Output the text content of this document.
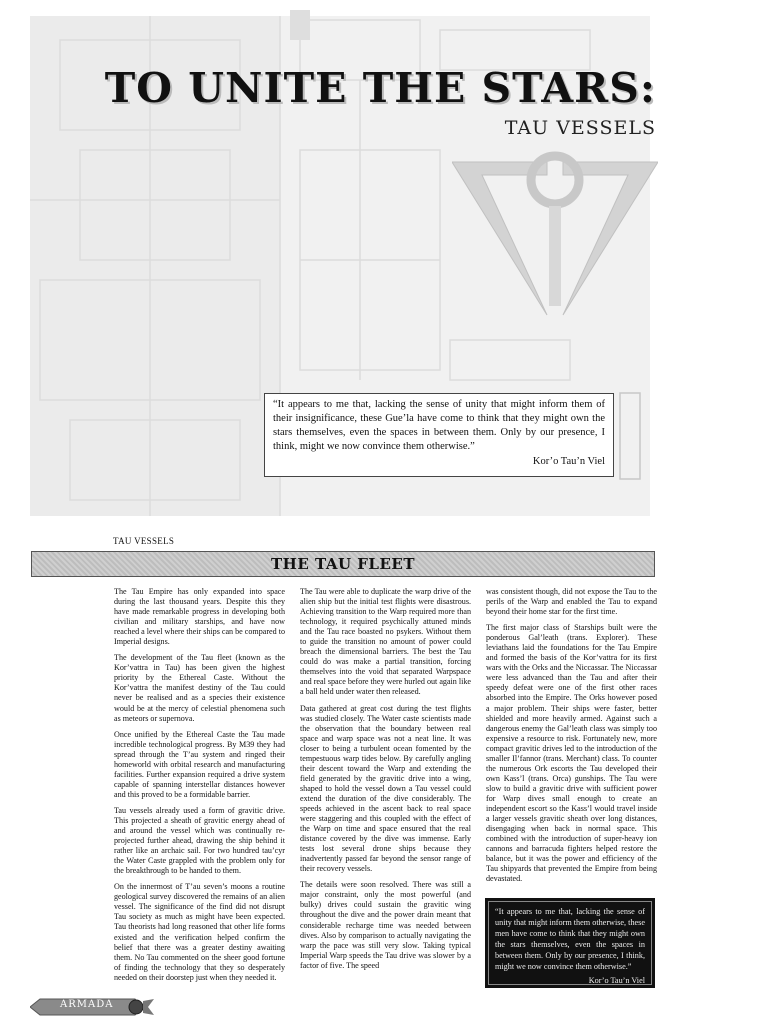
TO UNITE THE STARS:
TAU VESSELS
“It appears to me that, lacking the sense of unity that might inform them of their insignificance, these Gue’la have come to think that they might own the stars themselves, even the spaces in between them. Only by our presence, I think, might we now convince them otherwise.”
Kor’o Tau’n Viel
TAU VESSELS
THE TAU FLEET

The Tau Empire has only expanded into space during the last thousand years. Despite this they have made remarkable progress in developing both civilian and military starships, and have now reached a level where their ships can be compared to Imperial designs.

The development of the Tau fleet (known as the Kor’vattra in Tau) has been given the highest priority by the Ethereal Caste. Without the Kor’vattra the manifest destiny of the Tau could never be realised and as a species their existence would be at the mercy of celestial phenomena such as meteors or supernova.

Once unified by the Ethereal Caste the Tau made incredible technological progress. By M39 they had spread through the T’au system and ringed their homeworld with orbital research and manufacturing facilities. Further expansion required a drive system capable of spanning interstellar distances however and this proved to be a formidable barrier.

Tau vessels already used a form of gravitic drive. This projected a sheath of gravitic energy ahead of and around the vessel which was continually re-projected further ahead, drawing the ship behind it rather like an archaic sail. For two hundred tau’cyr the Water Caste grappled with the problem only for the breakthrough to be handed to them.

On the innermost of T’au seven’s moons a routine geological survey discovered the remains of an alien vessel. The significance of the find did not disrupt Tau society as much as might have been expected. Tau theorists had long reasoned that other life forms existed and the verification helped confirm the belief that there was a greater destiny awaiting them. No Tau commented on the sheer good fortune of finding the technology that they so desperately needed on their doorstep just when they needed it.

The Tau were able to duplicate the warp drive of the alien ship but the initial test flights were disastrous. Achieving transition to the Warp required more than technology, it required psychically attuned minds and the Tau race boasted no psykers. Without them to guide the transition no amount of power could breach the dimensional barriers. The best the Tau could do was make a partial transition, forcing themselves into the void that separated Warpspace and real space before they were hurled out again like a ball held under water then released.

Data gathered at great cost during the test flights was studied closely. The Water caste scientists made the observation that the boundary between real space and warp space was not a neat line. It was closer to being a turbulent ocean fomented by the tempestuous warp tides below. By carefully angling their descent toward the Warp and extending the field generated by the gravitic drive into a wing, shaped to hold the vessel down a Tau vessel could extend the duration of the dive considerably. The speeds achieved in the ascent back to real space were staggering and this coupled with the effect of the Warp on time and space ensured that the real distance covered by the dive was immense. Early tests lost several drone ships because they inadvertently passed far beyond the sensor range of their recovery vessels.

The details were soon resolved. There was still a major constraint, only the most powerful (and bulky) drives could sustain the gravitic wing throughout the dive and the power drain meant that considerable recharge time was needed between dives. Also by comparison to actually navigating the warp the pace was still very slow. Taking typical Imperial Warp speeds the Tau drive was slower by a factor of five. The speed

was consistent though, did not expose the Tau to the perils of the Warp and enabled the Tau to expand beyond their home star for the first time.

The first major class of Starships built were the ponderous Gal’leath (trans. Explorer). These leviathans laid the foundations for the Tau Empire and formed the basis of the Kor’vattra for its first wars with the Orks and the Niccassar. The Niccassar were less advanced than the Tau and after their speedy defeat were one of the first other races absorbed into the Empire. The Orks however posed a major problem. Their ships were faster, better shielded and more heavily armed. Against such a dangerous enemy the Gal’leath class was simply too expensive a resource to risk. Fortunately new, more compact gravitic drives led to the introduction of the smaller Il’fannor (trans. Merchant) class. To counter the numerous Ork escorts the Tau developed their own Kass’l (trans. Orca) gunships. The Tau were slow to build a gravitic drive with sufficient power for Warp dives small enough to create an independent escort so the Kass’l would travel inside a larger vessels gravitic sheath over long distances, disengaging when back in normal space. This combined with the introduction of super-heavy ion cannons and barracuda fighters helped restore the balance, but it was the power and efficiency of the Tau shipyards that prevented the Empire from being devastated.

“It appears to me that, lacking the sense of unity that might inform them otherwise, these men have come to think that they might own the stars themselves, even the spaces in between them. Only by our presence, I think, might we now convince them otherwise.”
Kor’o Tau’n Viel
ARMADA
